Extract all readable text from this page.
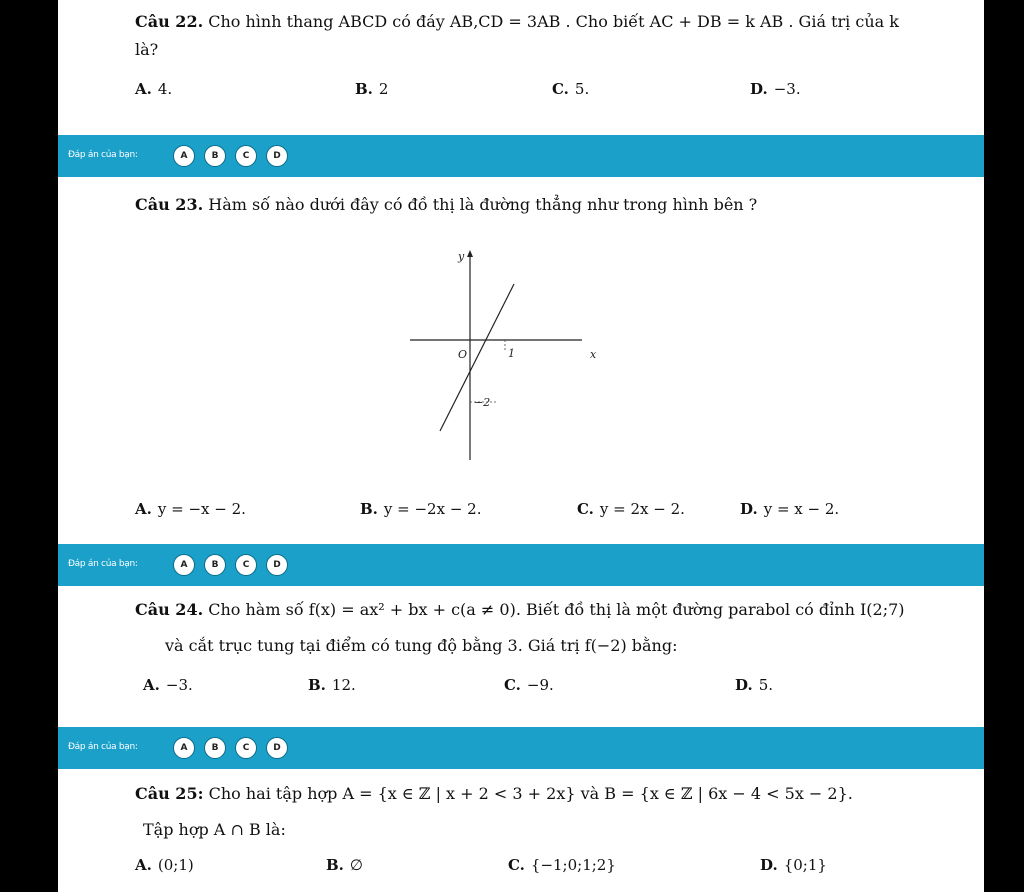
Câu 22. Cho hình thang ABCD có đáy AB,CD = 3AB . Cho biết AC + DB = k AB . Giá trị của k
là?
A. 4.	B. 2	C. 5.	D. −3.
Đáp án của bạn:	A	B	C	D
Câu 23. Hàm số nào dưới đây có đồ thị là đường thẳng như trong hình bên ?
y
x
O	1
−2
A. y = −x − 2.	B. y = −2x − 2.	C. y = 2x − 2.	D. y = x − 2.
Đáp án của bạn:	A	B	C	D
Câu 24. Cho hàm số f(x) = ax² + bx + c(a ≠ 0). Biết đồ thị là một đường parabol có đỉnh I(2;7)
và cắt trục tung tại điểm có tung độ bằng 3. Giá trị f(−2) bằng:
A. −3.	B. 12.	C. −9.	D. 5.
Đáp án của bạn:	A	B	C	D
Câu 25: Cho hai tập hợp A = {x ∈ ℤ | x + 2 < 3 + 2x} và B = {x ∈ ℤ | 6x − 4 < 5x − 2}.
Tập hợp A ∩ B là:
A. (0;1)	B. ∅	C. {−1;0;1;2}	D. {0;1}
